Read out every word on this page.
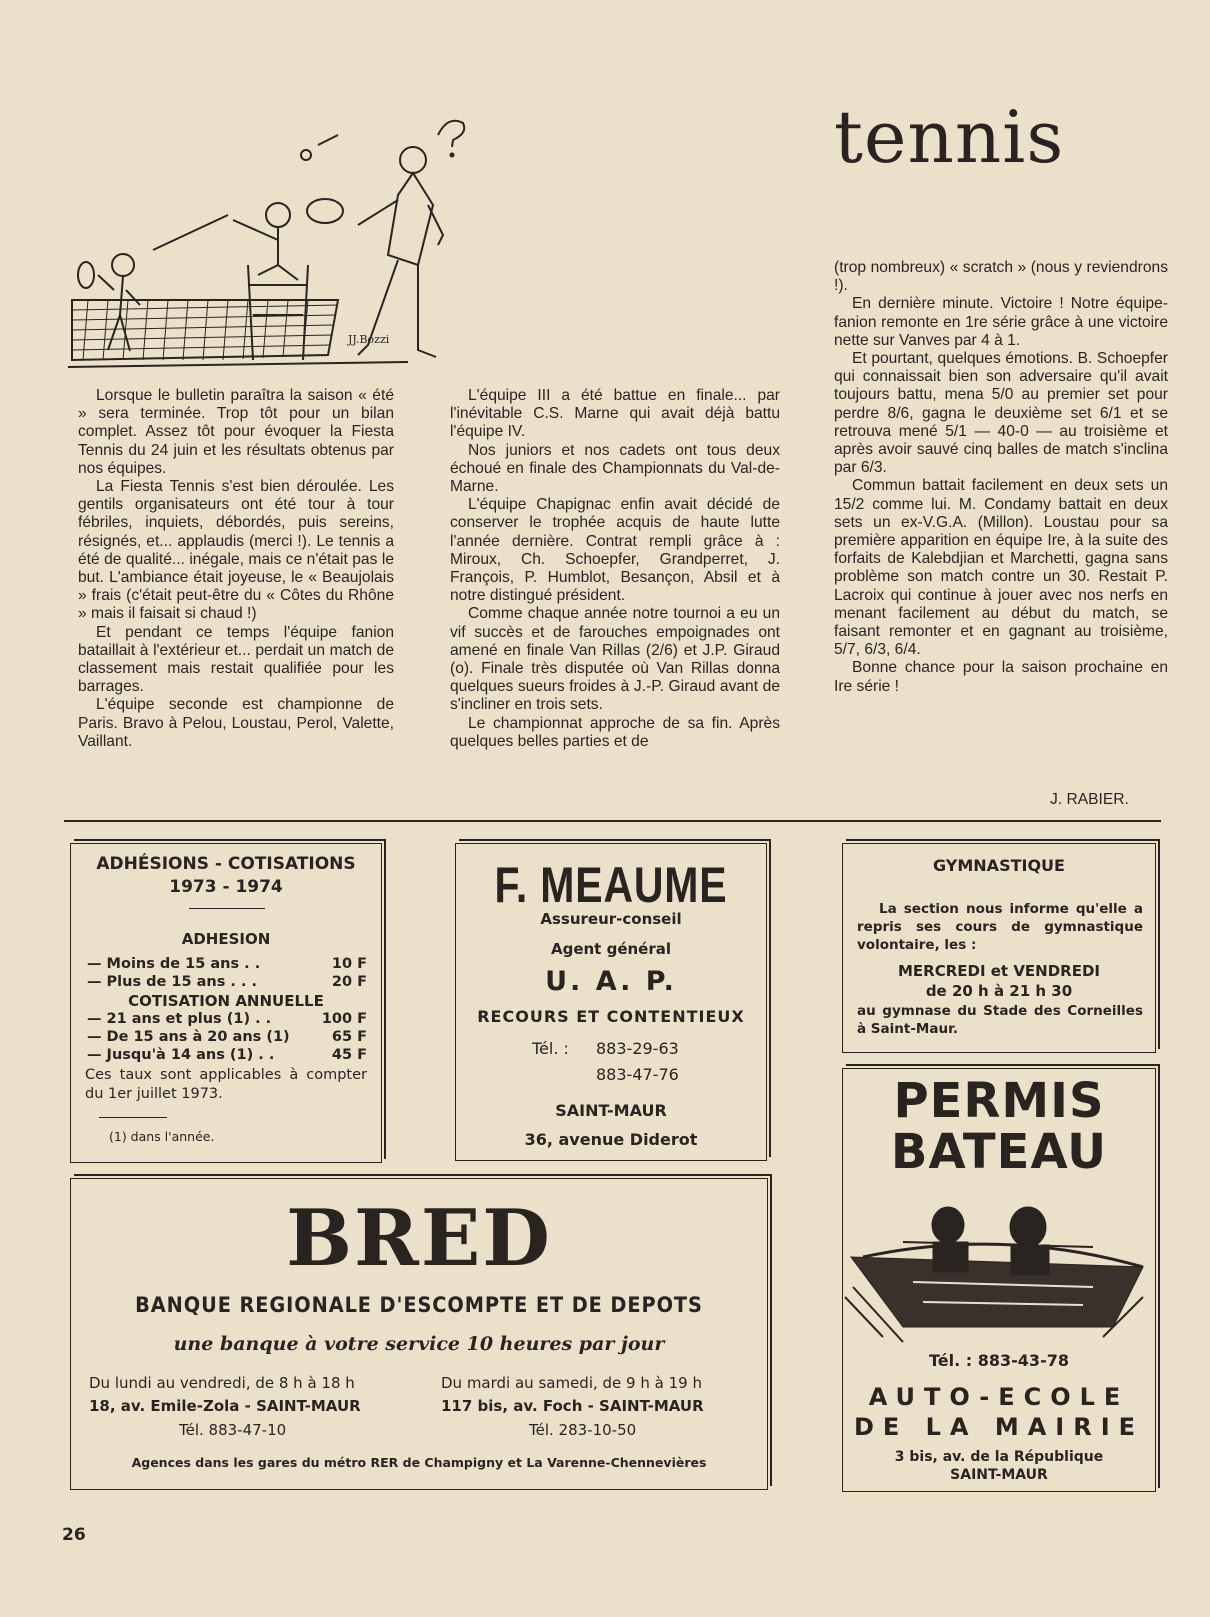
tennis
JJ.Bozzi

Lorsque le bulletin paraîtra la saison « été » sera terminée. Trop tôt pour un bilan complet. Assez tôt pour évoquer la Fiesta Tennis du 24 juin et les résultats obtenus par nos équipes.

La Fiesta Tennis s'est bien déroulée. Les gentils organisateurs ont été tour à tour fébriles, inquiets, débordés, puis sereins, résignés, et... applaudis (merci !). Le tennis a été de qualité... inégale, mais ce n'était pas le but. L'ambiance était joyeuse, le « Beaujolais » frais (c'était peut-être du « Côtes du Rhône » mais il faisait si chaud !)

Et pendant ce temps l'équipe fanion bataillait à l'extérieur et... perdait un match de classement mais restait qualifiée pour les barrages.

L'équipe seconde est championne de Paris. Bravo à Pelou, Loustau, Perol, Valette, Vaillant.

L'équipe III a été battue en finale... par l'inévitable C.S. Marne qui avait déjà battu l'équipe IV.

Nos juniors et nos cadets ont tous deux échoué en finale des Championnats du Val-de-Marne.

L'équipe Chapignac enfin avait décidé de conserver le trophée acquis de haute lutte l'année dernière. Contrat rempli grâce à : Miroux, Ch. Schoepfer, Grandperret, J. François, P. Humblot, Besançon, Absil et à notre distingué président.

Comme chaque année notre tournoi a eu un vif succès et de farouches empoignades ont amené en finale Van Rillas (2/6) et J.P. Giraud (o). Finale très disputée où Van Rillas donna quelques sueurs froides à J.-P. Giraud avant de s'incliner en trois sets.

Le championnat approche de sa fin. Après quelques belles parties et de

(trop nombreux) « scratch » (nous y reviendrons !).

En dernière minute. Victoire ! Notre équipe-fanion remonte en 1re série grâce à une victoire nette sur Vanves par 4 à 1.

Et pourtant, quelques émotions. B. Schoepfer qui connaissait bien son adversaire qu'il avait toujours battu, mena 5/0 au premier set pour perdre 8/6, gagna le deuxième set 6/1 et se retrouva mené 5/1 — 40-0 — au troisième et après avoir sauvé cinq balles de match s'inclina par 6/3.

Commun battait facilement en deux sets un 15/2 comme lui. M. Condamy battait en deux sets un ex-V.G.A. (Millon). Loustau pour sa première apparition en équipe Ire, à la suite des forfaits de Kalebdjian et Marchetti, gagna sans problème son match contre un 30. Restait P. Lacroix qui continue à jouer avec nos nerfs en menant facilement au début du match, se faisant remonter et en gagnant au troisième, 5/7, 6/3, 6/4.

Bonne chance pour la saison prochaine en Ire série !

J. RABIER.
ADHÉSIONS - COTISATIONS
1973 - 1974
ADHESION
— Moins de 15 ans . .	10 F
— Plus de 15 ans . . .	20 F
COTISATION ANNUELLE
— 21 ans et plus (1) . .	100 F
— De 15 ans à 20 ans (1)	65 F
— Jusqu'à 14 ans (1) . .	45 F
Ces taux sont applicables à compter du 1er juillet 1973.
(1) dans l'année.
F. MEAUME
Assureur-conseil
Agent général
U. A. P.
RECOURS ET CONTENTIEUX
Tél. : 883-29-63
883-47-76
SAINT-MAUR
36, avenue Diderot
GYMNASTIQUE
La section nous informe qu'elle a repris ses cours de gymnastique volontaire, les :
MERCREDI et VENDREDI
de 20 h à 21 h 30
au gymnase du Stade des Corneilles à Saint-Maur.
BRED
BANQUE REGIONALE D'ESCOMPTE ET DE DEPOTS
une banque à votre service 10 heures par jour
Du lundi au vendredi, de 8 h à 18 h
18, av. Emile-Zola - SAINT-MAUR
Tél. 883-47-10
Du mardi au samedi, de 9 h à 19 h
117 bis, av. Foch - SAINT-MAUR
Tél. 283-10-50
Agences dans les gares du métro RER de Champigny et La Varenne-Chennevières
PERMIS
BATEAU
Tél. : 883-43-78
AUTO-ECOLE
DE LA MAIRIE
3 bis, av. de la République
SAINT-MAUR
26
